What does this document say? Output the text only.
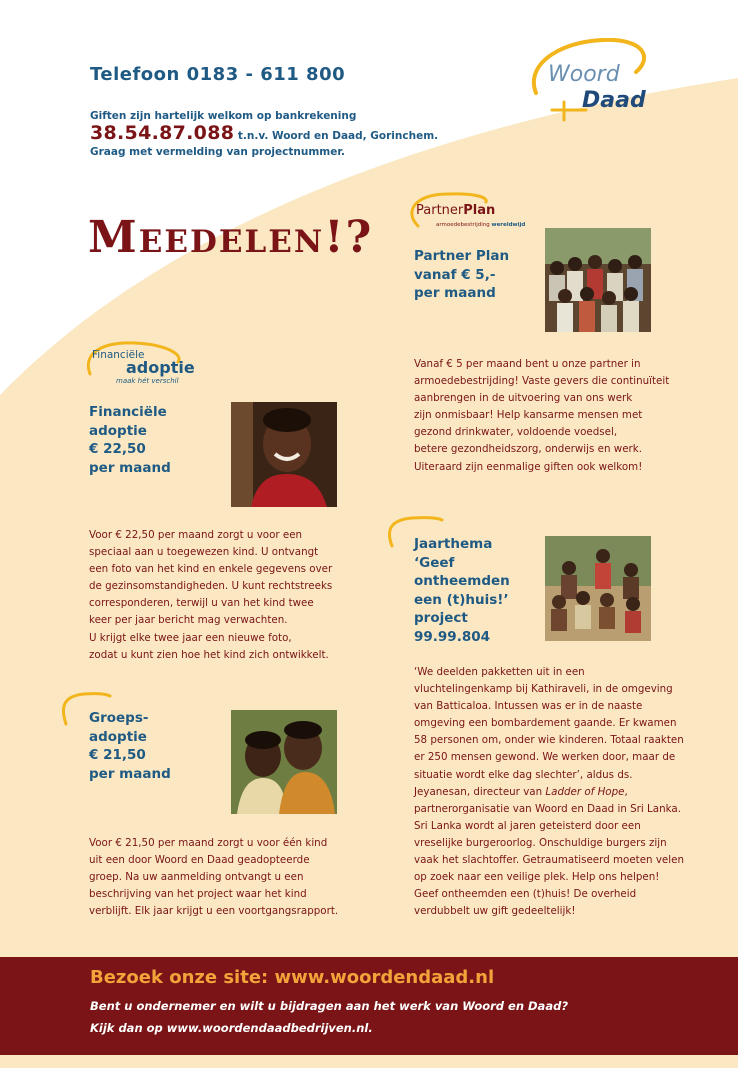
Telefoon 0183 - 611 800
Giften zijn hartelijk welkom op bankrekening
38.54.87.088 t.n.v. Woord en Daad, Gorinchem.
Graag met vermelding van projectnummer.
Woord
Daad
Meedelen!?
PartnerPlan
armoedebestrijding wereldwijd
Partner Plan
vanaf € 5,-
per maand
Vanaf € 5 per maand bent u onze partner in
armoedebestrijding! Vaste gevers die continuïteit
aanbrengen in de uitvoering van ons werk
zijn onmisbaar! Help kansarme mensen met
gezond drinkwater, voldoende voedsel,
betere gezondheidszorg, onderwijs en werk.
Uiteraard zijn eenmalige giften ook welkom!
Financiële
adoptie
maak hét verschil
Financiële
adoptie
€ 22,50
per maand
Voor € 22,50 per maand zorgt u voor een
speciaal aan u toegewezen kind. U ontvangt
een foto van het kind en enkele gegevens over
de gezinsomstandigheden. U kunt rechtstreeks
corresponderen, terwijl u van het kind twee
keer per jaar bericht mag verwachten.
U krijgt elke twee jaar een nieuwe foto,
zodat u kunt zien hoe het kind zich ontwikkelt.
Jaarthema
‘Geef
ontheemden
een (t)huis!’
project
99.99.804
‘We deelden pakketten uit in een vluchtelingenkamp bij Kathiraveli, in de omgeving van Batticaloa. Intussen was er in de naaste omgeving een bombardement gaande. Er kwamen 58 personen om, onder wie kinderen. Totaal raakten er 250 mensen gewond. We werken door, maar de situatie wordt elke dag slechter’, aldus ds. Jeyanesan, directeur van Ladder of Hope, partnerorganisatie van Woord en Daad in Sri Lanka. Sri Lanka wordt al jaren geteisterd door een vreselijke burgeroorlog. Onschuldige burgers zijn vaak het slachtoffer. Getraumatiseerd moeten velen op zoek naar een veilige plek. Help ons helpen! Geef ontheemden een (t)huis! De overheid verdubbelt uw gift gedeeltelijk!
Groeps-
adoptie
€ 21,50
per maand
Voor € 21,50 per maand zorgt u voor één kind
uit een door Woord en Daad geadopteerde
groep. Na uw aanmelding ontvangt u een
beschrijving van het project waar het kind
verblijft. Elk jaar krijgt u een voortgangsrapport.
Bezoek onze site: www.woordendaad.nl
Bent u ondernemer en wilt u bijdragen aan het werk van Woord en Daad?
Kijk dan op www.woordendaadbedrijven.nl.
